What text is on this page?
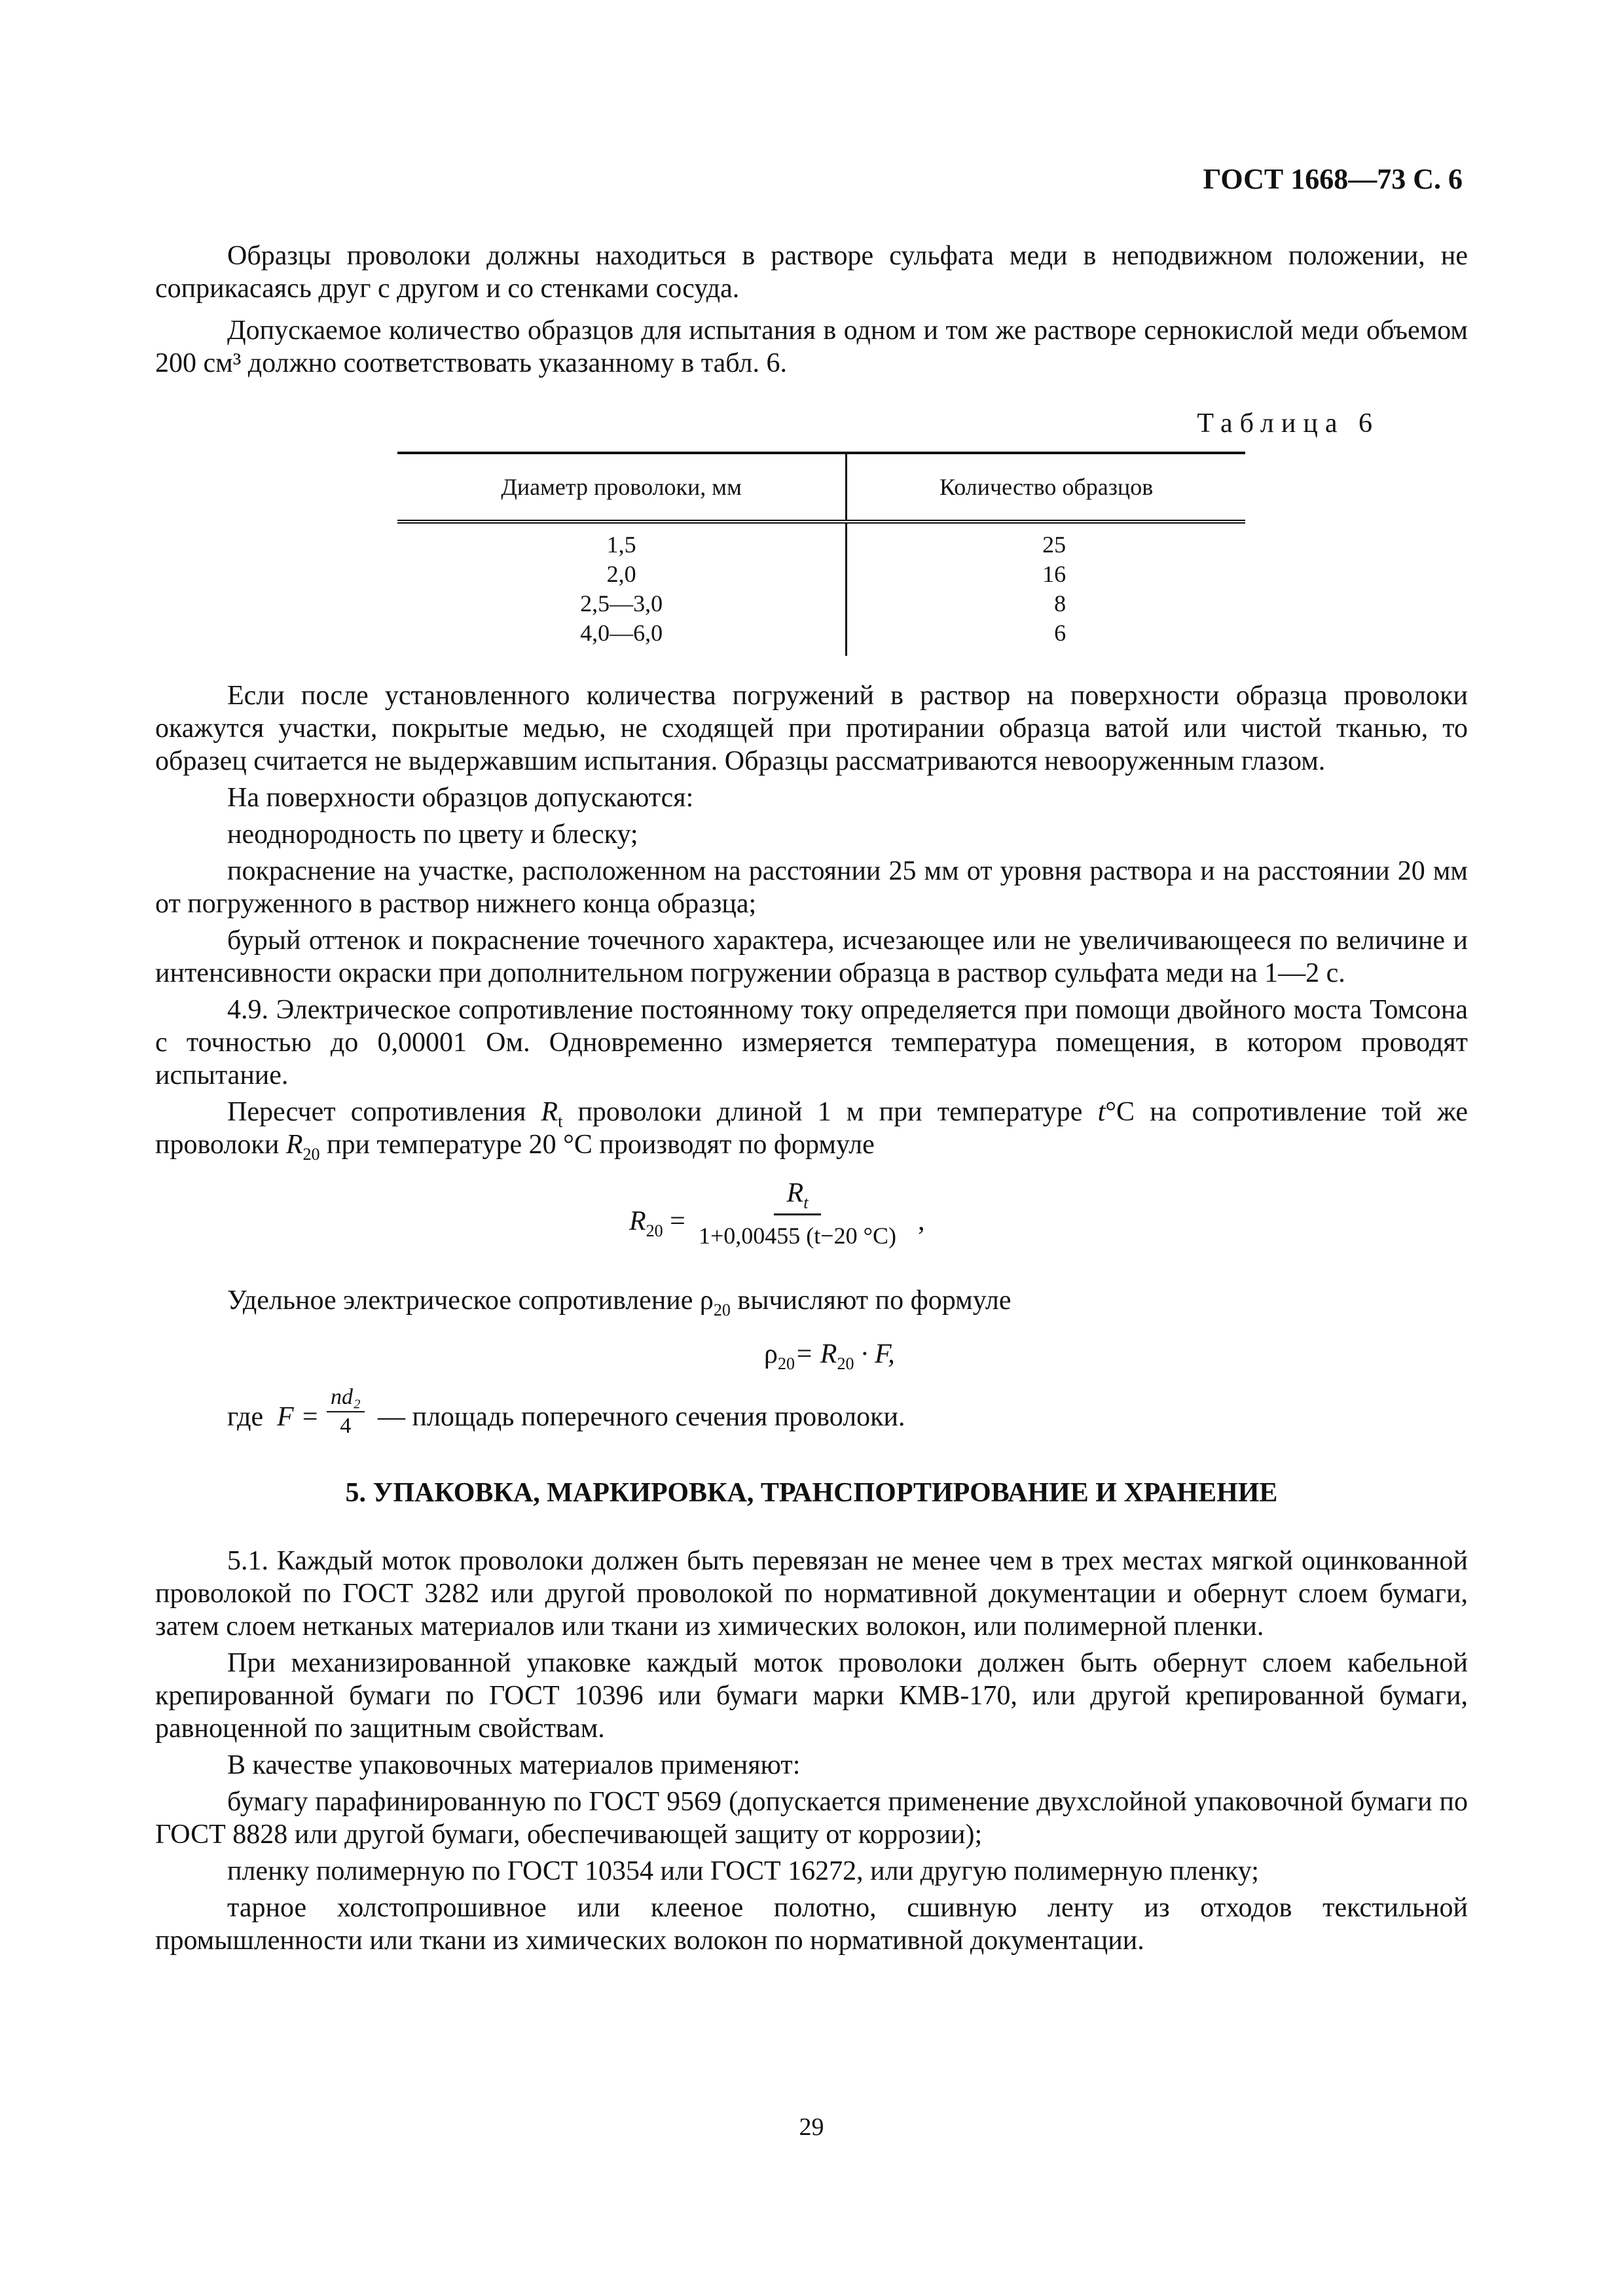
ГОСТ 1668—73 С. 6

Образцы проволоки должны находиться в растворе сульфата меди в неподвижном положении, не соприкасаясь друг с другом и со стенками сосуда.

Допускаемое количество образцов для испытания в одном и том же растворе сернокислой меди объемом 200 см³ должно соответствовать указанному в табл. 6.

Таблица 6
Диаметр проволоки, мм	Количество образцов
1,5	25
2,0	16
2,5—3,0	8
4,0—6,0	6

Если после установленного количества погружений в раствор на поверхности образца проволоки окажутся участки, покрытые медью, не сходящей при протирании образца ватой или чистой тканью, то образец считается не выдержавшим испытания. Образцы рассматриваются невооруженным глазом.

На поверхности образцов допускаются:

неоднородность по цвету и блеску;

покраснение на участке, расположенном на расстоянии 25 мм от уровня раствора и на расстоянии 20 мм от погруженного в раствор нижнего конца образца;

бурый оттенок и покраснение точечного характера, исчезающее или не увеличивающееся по величине и интенсивности окраски при дополнительном погружении образца в раствор сульфата меди на 1—2 с.

4.9. Электрическое сопротивление постоянному току определяется при помощи двойного моста Томсона с точностью до 0,00001 Ом. Одновременно измеряется температура помещения, в котором проводят испытание.

Пересчет сопротивления $R_t$ проволоки длиной 1 м при температуре t°С на сопротивление той же проволоки $R_{20}$ при температуре 20 °С производят по формуле

$R_{20} = \frac{R_t}{1+0,00455 (t-20 ^\circ C)}$ ,

Удельное электрическое сопротивление $\rho_{20}$ вычисляют по формуле

$\rho_{20}= R_{20} \cdot F$,
где $F = \frac{\text{nd₂}}{4}$ — площадь поперечного сечения проволоки.
5. УПАКОВКА, МАРКИРОВКА, ТРАНСПОРТИРОВАНИЕ И ХРАНЕНИЕ

5.1. Каждый моток проволоки должен быть перевязан не менее чем в трех местах мягкой оцинкованной проволокой по ГОСТ 3282 или другой проволокой по нормативной документации и обернут слоем бумаги, затем слоем нетканых материалов или ткани из химических волокон, или полимерной пленки.

При механизированной упаковке каждый моток проволоки должен быть обернут слоем кабельной крепированной бумаги по ГОСТ 10396 или бумаги марки КМВ-170, или другой крепированной бумаги, равноценной по защитным свойствам.

В качестве упаковочных материалов применяют:

бумагу парафинированную по ГОСТ 9569 (допускается применение двухслойной упаковочной бумаги по ГОСТ 8828 или другой бумаги, обеспечивающей защиту от коррозии);

пленку полимерную по ГОСТ 10354 или ГОСТ 16272, или другую полимерную пленку;

тарное холстопрошивное или клееное полотно, сшивную ленту из отходов текстильной промышленности или ткани из химических волокон по нормативной документации.

29
